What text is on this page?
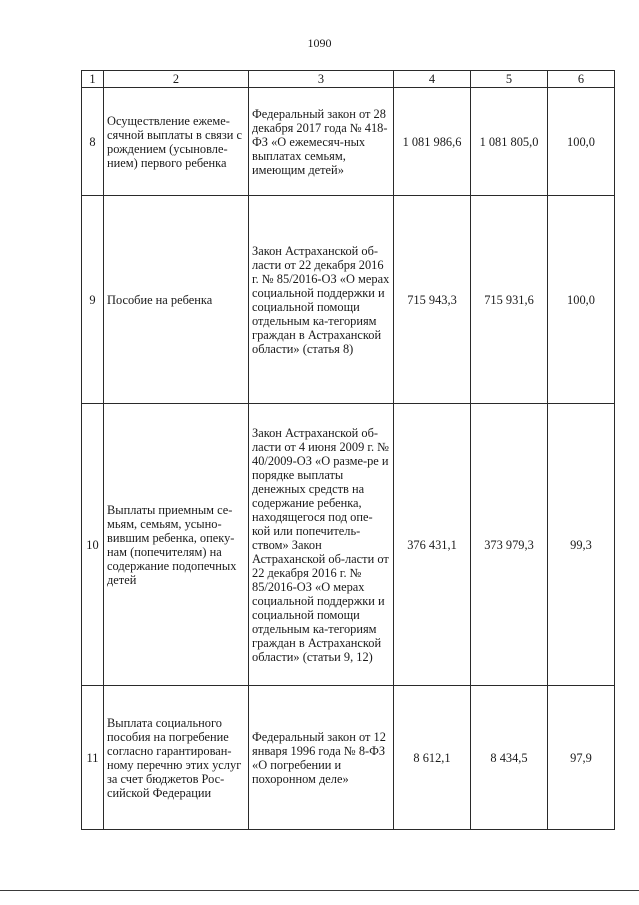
1090
1	2	3	4	5	6
8	Осуществление ежеме-сячной выплаты в связи с рождением (усыновле-нием) первого ребенка	Федеральный закон от 28 декабря 2017 года № 418-ФЗ «О ежемесяч-ных выплатах семьям, имеющим детей»	1 081 986,6	1 081 805,0	100,0
9	Пособие на ребенка	Закон Астраханской об-ласти от 22 декабря 2016 г. № 85/2016-ОЗ «О мерах социальной поддержки и социальной помощи отдельным ка-тегориям граждан в Астраханской области» (статья 8)	715 943,3	715 931,6	100,0
10	Выплаты приемным се-мьям, семьям, усыно-вившим ребенка, опеку-нам (попечителям) на содержание подопечных детей	Закон Астраханской об-ласти от 4 июня 2009 г. № 40/2009-ОЗ «О разме-ре и порядке выплаты денежных средств на содержание ребенка, находящегося под опе-кой или попечитель-ством» Закон Астраханской об-ласти от 22 декабря 2016 г. № 85/2016-ОЗ «О мерах социальной поддержки и социальной помощи отдельным ка-тегориям граждан в Астраханской области» (статьи 9, 12)	376 431,1	373 979,3	99,3
11	Выплата социального пособия на погребение согласно гарантирован-ному перечню этих услуг за счет бюджетов Рос-сийской Федерации	Федеральный закон от 12 января 1996 года № 8-ФЗ «О погребении и похоронном деле»	8 612,1	8 434,5	97,9
